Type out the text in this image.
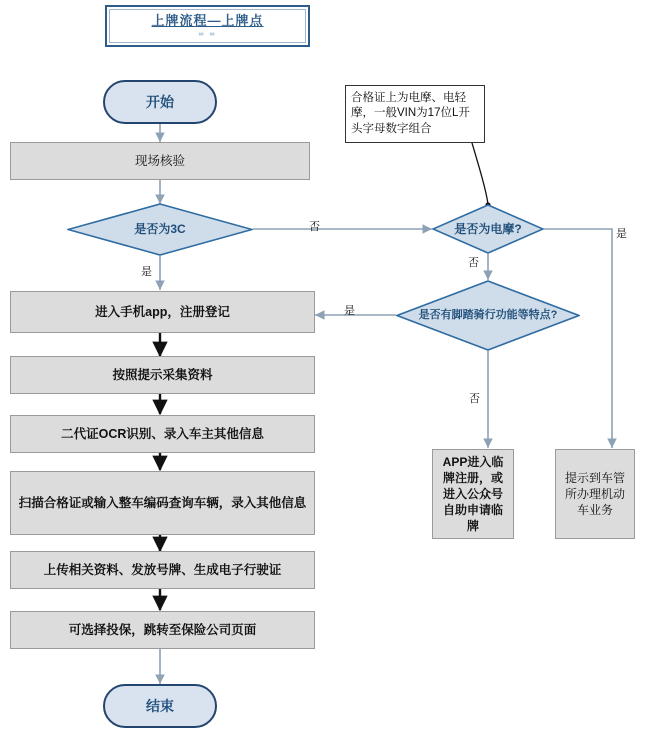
上牌流程—上牌点
∞ ∞
开始
现场核验
是否为3C
合格证上为电摩、电轻摩，一般VIN为17位L开头字母数字组合
是否为电摩?
是否有脚踏骑行功能等特点?
进入手机app，注册登记
按照提示采集资料
二代证OCR识别、录入车主其他信息
扫描合格证或输入整车编码查询车辆，录入其他信息
上传相关资料、发放号牌、生成电子行驶证
可选择投保，跳转至保险公司页面
结束
APP进入临牌注册，或进入公众号自助申请临牌
提示到车管所办理机动车业务
否
是
否
是
是
否
